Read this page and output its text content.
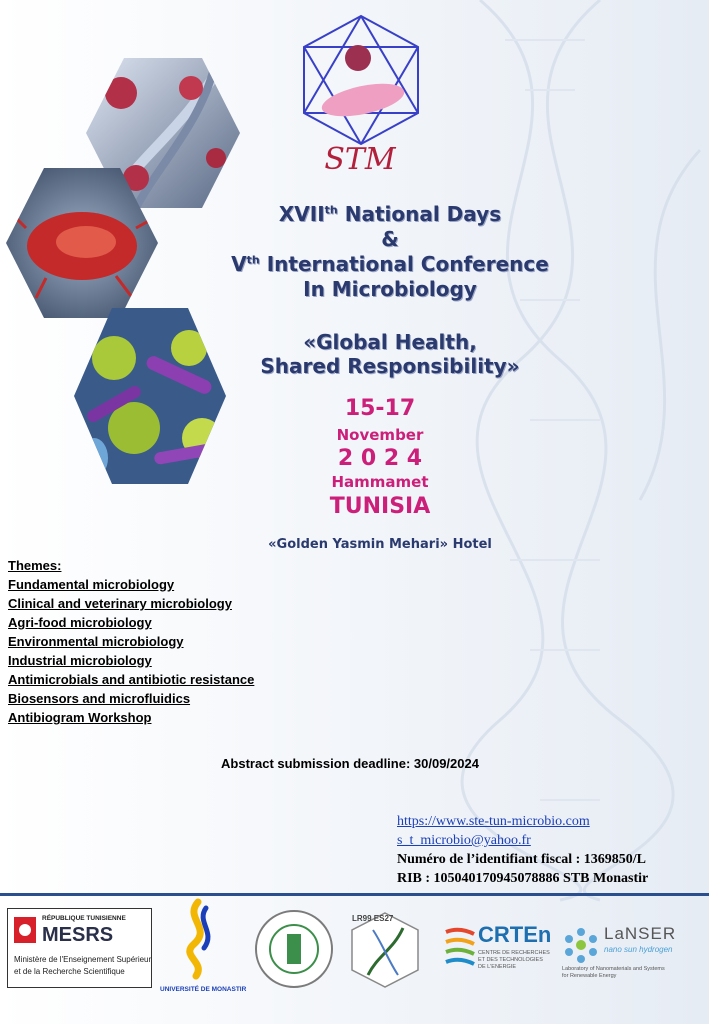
STM
XVIIth National Days
&
Vth International Conference
In Microbiology
«Global Health,
Shared Responsibility»
15-17
November
2 0 2 4
Hammamet
TUNISIA
«Golden Yasmin Mehari» Hotel
Themes:
Fundamental microbiology
Clinical and veterinary microbiology
Agri-food microbiology
Environmental microbiology
Industrial microbiology
Antimicrobials and antibiotic resistance
Biosensors and microfluidics
Antibiogram Workshop
Abstract submission deadline: 30/09/2024
https://www.ste-tun-microbio.com
s_t_microbio@yahoo.fr
Numéro de l’identifiant fiscal : 1369850/L
RIB : 105040170945078886 STB Monastir
RÉPUBLIQUE TUNISIENNE
MESRS
Ministère de l'Enseignement Supérieur
et de la Recherche Scientifique
UNIVERSITÉ DE MONASTIR
LR99 ES27
CRTEn
CENTRE DE RECHERCHES
ET DES TECHNOLOGIES
DE L'ENERGIE
LaNSER
nano sun hydrogen
Laboratory of Nanomaterials and Systems
for Renewable Energy
